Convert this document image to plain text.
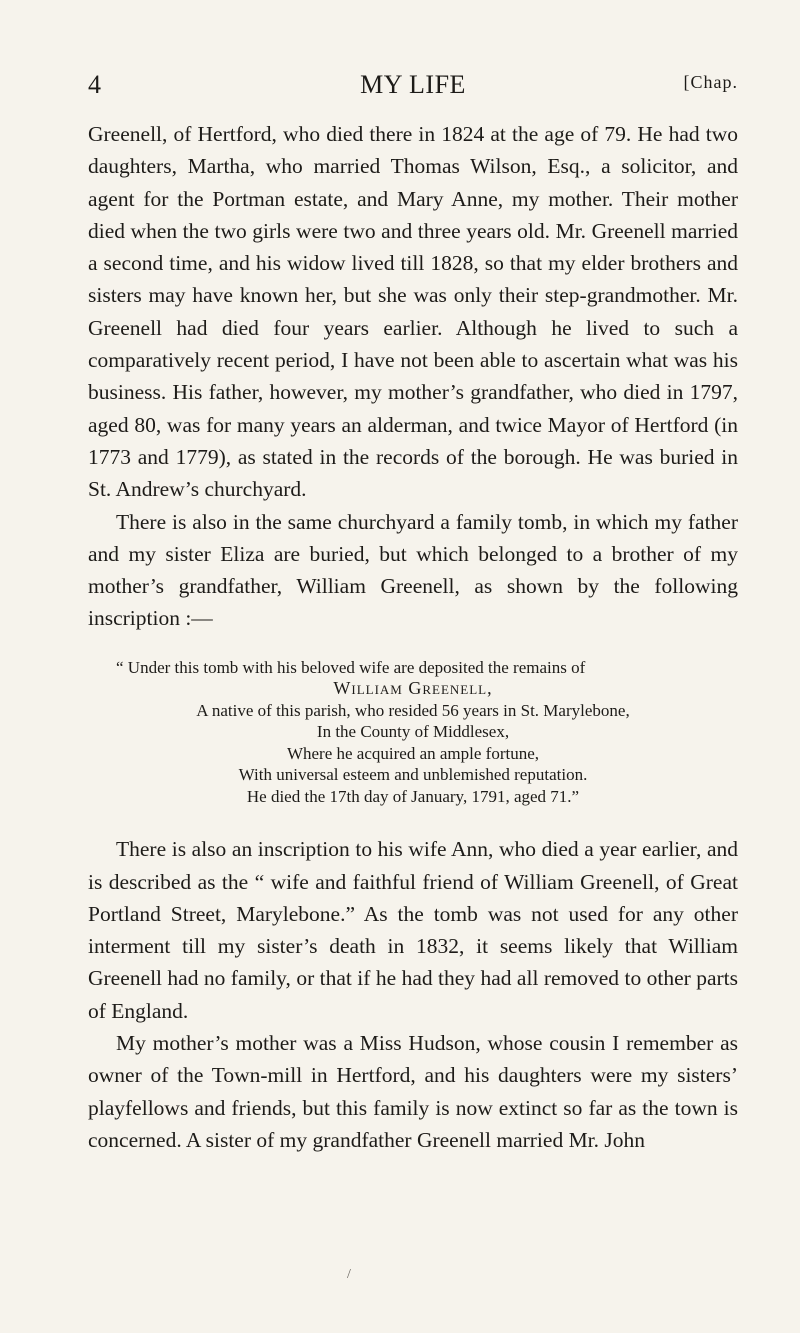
4	MY LIFE	[Chap.

Greenell, of Hertford, who died there in 1824 at the age of 79. He had two daughters, Martha, who married Thomas Wilson, Esq., a solicitor, and agent for the Portman estate, and Mary Anne, my mother. Their mother died when the two girls were two and three years old. Mr. Greenell married a second time, and his widow lived till 1828, so that my elder brothers and sisters may have known her, but she was only their step-grandmother. Mr. Greenell had died four years earlier. Although he lived to such a comparatively recent period, I have not been able to ascertain what was his business. His father, however, my mother’s grandfather, who died in 1797, aged 80, was for many years an alderman, and twice Mayor of Hertford (in 1773 and 1779), as stated in the records of the borough. He was buried in St. Andrew’s churchyard.

There is also in the same churchyard a family tomb, in which my father and my sister Eliza are buried, but which belonged to a brother of my mother’s grandfather, William Greenell, as shown by the following inscription :—

“ Under this tomb with his beloved wife are deposited the remains of
William Greenell,
A native of this parish, who resided 56 years in St. Marylebone,
In the County of Middlesex,
Where he acquired an ample fortune,
With universal esteem and unblemished reputation.
He died the 17th day of January, 1791, aged 71.”

There is also an inscription to his wife Ann, who died a year earlier, and is described as the “ wife and faithful friend of William Greenell, of Great Portland Street, Marylebone.” As the tomb was not used for any other interment till my sister’s death in 1832, it seems likely that William Greenell had no family, or that if he had they had all removed to other parts of England.

My mother’s mother was a Miss Hudson, whose cousin I remember as owner of the Town-mill in Hertford, and his daughters were my sisters’ playfellows and friends, but this family is now extinct so far as the town is concerned. A sister of my grandfather Greenell married Mr. John

/
